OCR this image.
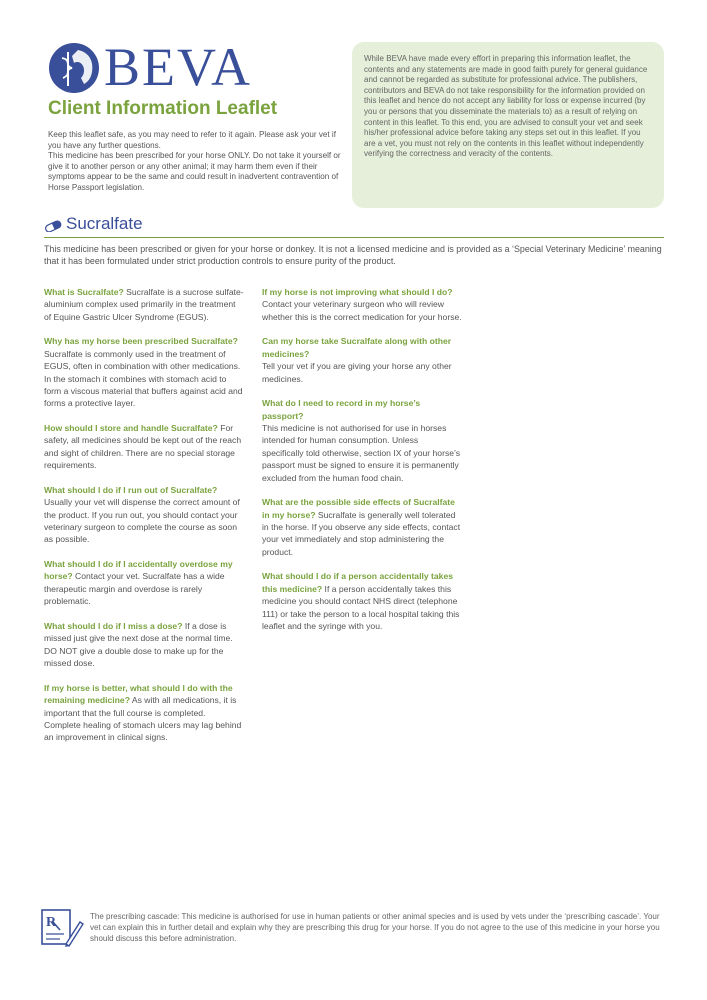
BEVA
Client Information Leaflet

Keep this leaflet safe, as you may need to refer to it again. Please ask your vet if you have any further questions.

This medicine has been prescribed for your horse ONLY. Do not take it yourself or give it to another person or any other animal; it may harm them even if their symptoms appear to be the same and could result in inadvertent contravention of Horse Passport legislation.

While BEVA have made every effort in preparing this information leaflet, the contents and any statements are made in good faith purely for general guidance and cannot be regarded as substitute for professional advice. The publishers, contributors and BEVA do not take responsibility for the information provided on this leaflet and hence do not accept any liability for loss or expense incurred (by you or persons that you disseminate the materials to) as a result of relying on content in this leaflet. To this end, you are advised to consult your vet and seek his/her professional advice before taking any steps set out in this leaflet. If you are a vet, you must not rely on the contents in this leaflet without independently verifying the correctness and veracity of the contents.
Sucralfate
This medicine has been prescribed or given for your horse or donkey. It is not a licensed medicine and is provided as a ‘Special Veterinary Medicine’ meaning that it has been formulated under strict production controls to ensure purity of the product.

What is Sucralfate? Sucralfate is a sucrose sulfate-aluminium complex used primarily in the treatment of Equine Gastric Ulcer Syndrome (EGUS).

Why has my horse been prescribed Sucralfate? Sucralfate is commonly used in the treatment of EGUS, often in combination with other medications. In the stomach it combines with stomach acid to form a viscous material that buffers against acid and forms a protective layer.

How should I store and handle Sucralfate? For safety, all medicines should be kept out of the reach and sight of children. There are no special storage requirements.

What should I do if I run out of Sucralfate? Usually your vet will dispense the correct amount of the product. If you run out, you should contact your veterinary surgeon to complete the course as soon as possible.

What should I do if I accidentally overdose my horse? Contact your vet. Sucralfate has a wide therapeutic margin and overdose is rarely problematic.

What should I do if I miss a dose? If a dose is missed just give the next dose at the normal time. DO NOT give a double dose to make up for the missed dose.

If my horse is better, what should I do with the remaining medicine? As with all medications, it is important that the full course is completed. Complete healing of stomach ulcers may lag behind an improvement in clinical signs.

If my horse is not improving what should I do?
Contact your veterinary surgeon who will review whether this is the correct medication for your horse.

Can my horse take Sucralfate along with other medicines?
Tell your vet if you are giving your horse any other medicines.

What do I need to record in my horse’s passport?
This medicine is not authorised for use in horses intended for human consumption. Unless specifically told otherwise, section IX of your horse’s passport must be signed to ensure it is permanently excluded from the human food chain.

What are the possible side effects of Sucralfate in my horse? Sucralfate is generally well tolerated in the horse. If you observe any side effects, contact your vet immediately and stop administering the product.

What should I do if a person accidentally takes this medicine? If a person accidentally takes this medicine you should contact NHS direct (telephone 111) or take the person to a local hospital taking this leaflet and the syringe with you.

R	The prescribing cascade: This medicine is authorised for use in human patients or other animal species and is used by vets under the ‘prescribing cascade’. Your vet can explain this in further detail and explain why they are prescribing this drug for your horse. If you do not agree to the use of this medicine in your horse you should discuss this before administration.
